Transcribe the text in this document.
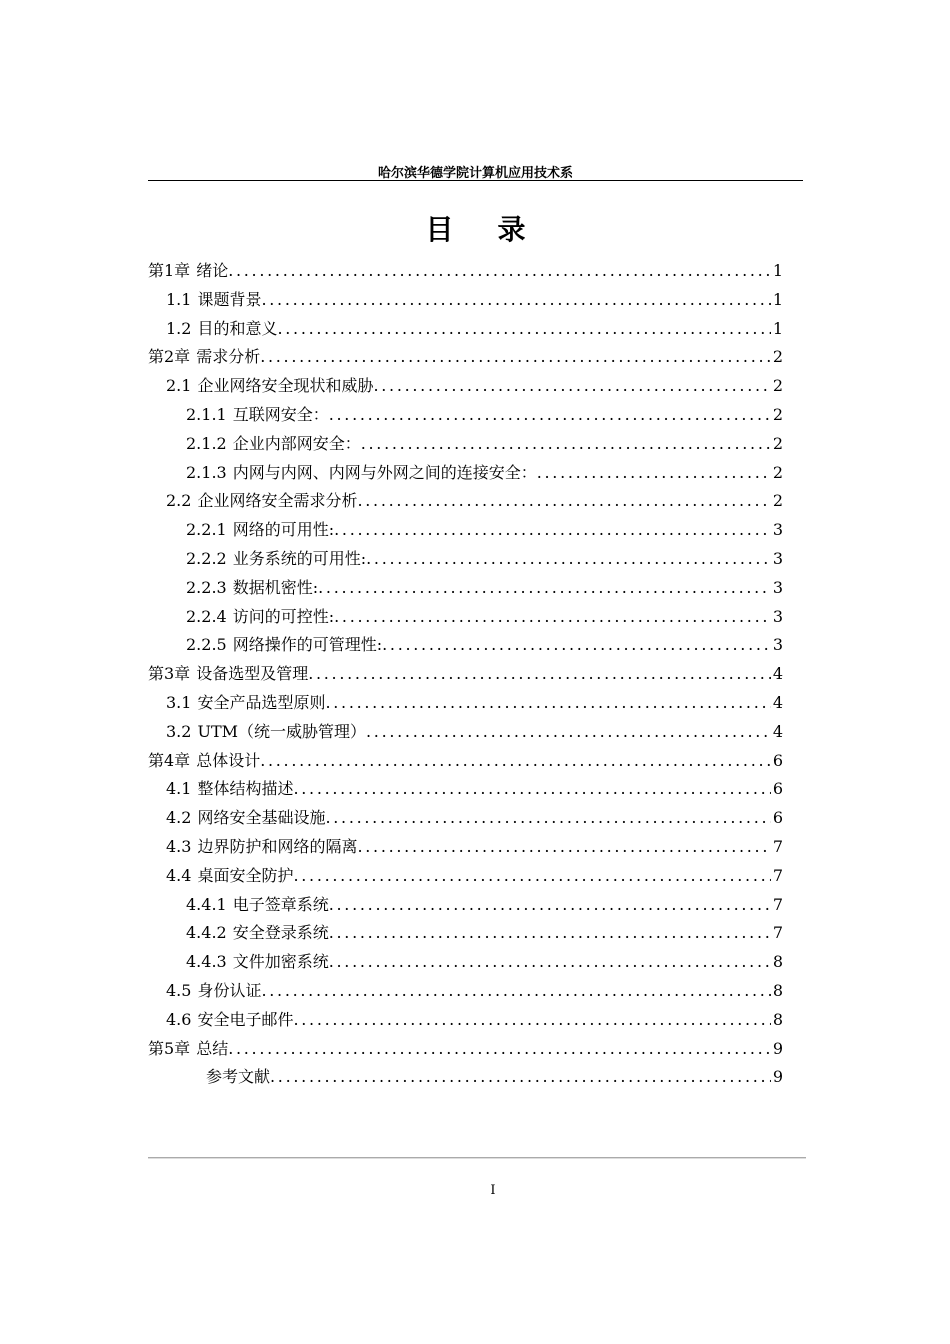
哈尔滨华德学院计算机应用技术系
目录
第1章 绪论 .....	1
1.1 课题背景 .....	1
1.2 目的和意义 .....	1
第2章 需求分析 .....	2
2.1 企业网络安全现状和威胁 .....	2
2.1.1 互联网安全： .....	2
2.1.2 企业内部网安全： .....	2
2.1.3 内网与内网、内网与外网之间的连接安全： .....	2
2.2 企业网络安全需求分析 .....	2
2.2.1 网络的可用性: .....	3
2.2.2 业务系统的可用性: .....	3
2.2.3 数据机密性: .....	3
2.2.4 访问的可控性: .....	3
2.2.5 网络操作的可管理性: .....	3
第3章 设备选型及管理 .....	4
3.1 安全产品选型原则 .....	4
3.2 UTM（统一威胁管理） .....	4
第4章 总体设计 .....	6
4.1 整体结构描述 .....	6
4.2 网络安全基础设施 .....	6
4.3 边界防护和网络的隔离 .....	7
4.4 桌面安全防护 .....	7
4.4.1 电子签章系统 .....	7
4.4.2 安全登录系统 .....	7
4.4.3 文件加密系统 .....	8
4.5 身份认证 .....	8
4.6 安全电子邮件 .....	8
第5章 总结 .....	9
参考文献 .....	9
I
